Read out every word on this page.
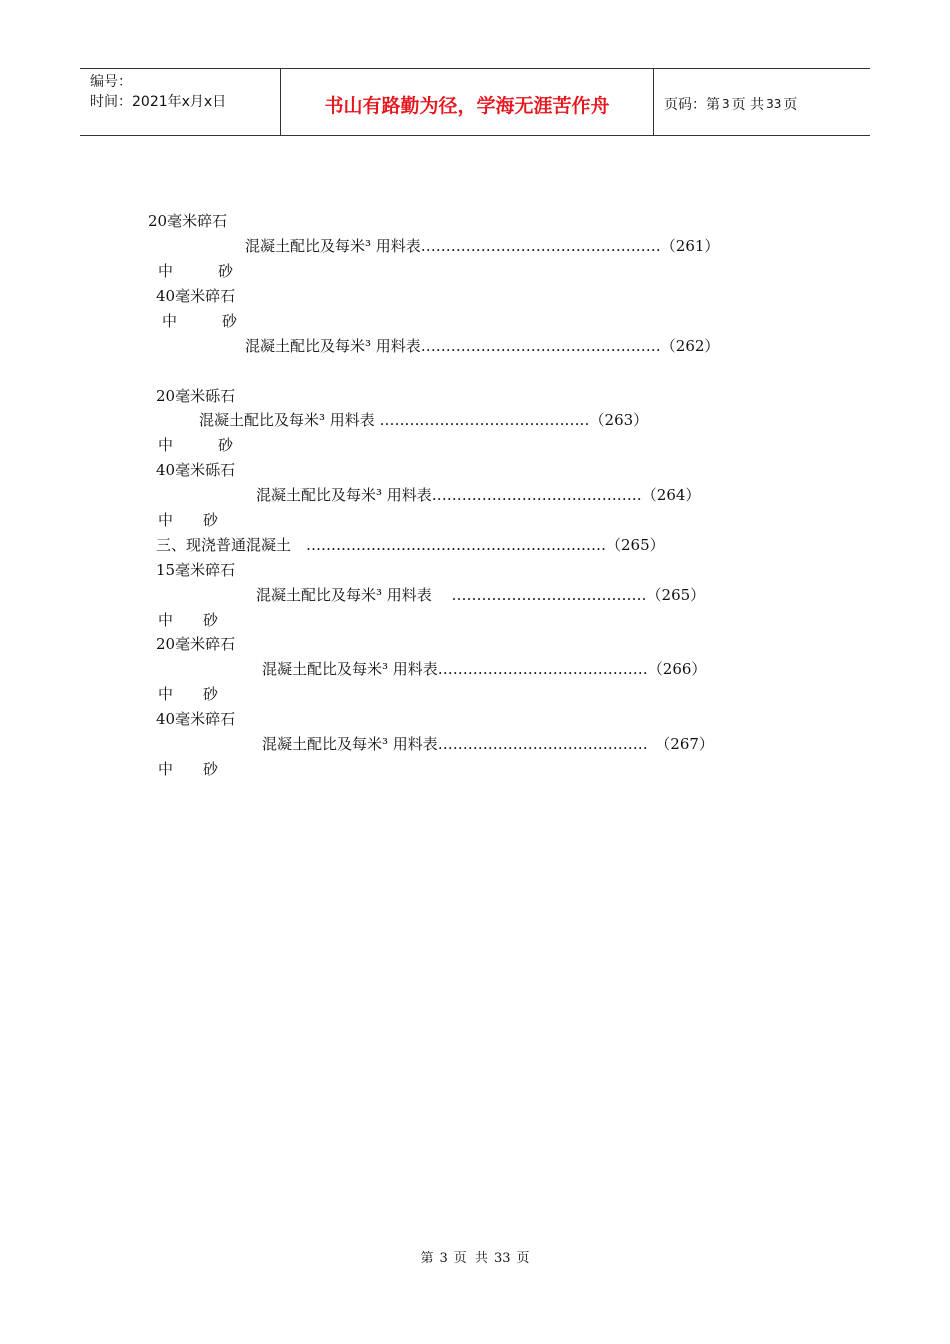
编号：
时间：2021年x月x日	书山有路勤为径，学海无涯苦作舟	页码：第 3 页 共 33 页
20毫米碎石
混凝土配比及每米³ 用料表…………………………………………（261）
中　　　砂
40毫米碎石
中　　　砂
混凝土配比及每米³ 用料表…………………………………………（262）
20毫米砾石
混凝土配比及每米³ 用料表 ……………………………………（263）
中　　　砂
40毫米砾石
混凝土配比及每米³ 用料表……………………………………（264）
中　　砂
三、现浇普通混凝土　……………………………………………………（265）
15毫米碎石
混凝土配比及每米³ 用料表　 …………………………………（265）
中　　砂
20毫米碎石
混凝土配比及每米³ 用料表……………………………………（266）
中　　砂
40毫米碎石
混凝土配比及每米³ 用料表……………………………………　（267）
中　　砂
第 3 页 共 33 页
